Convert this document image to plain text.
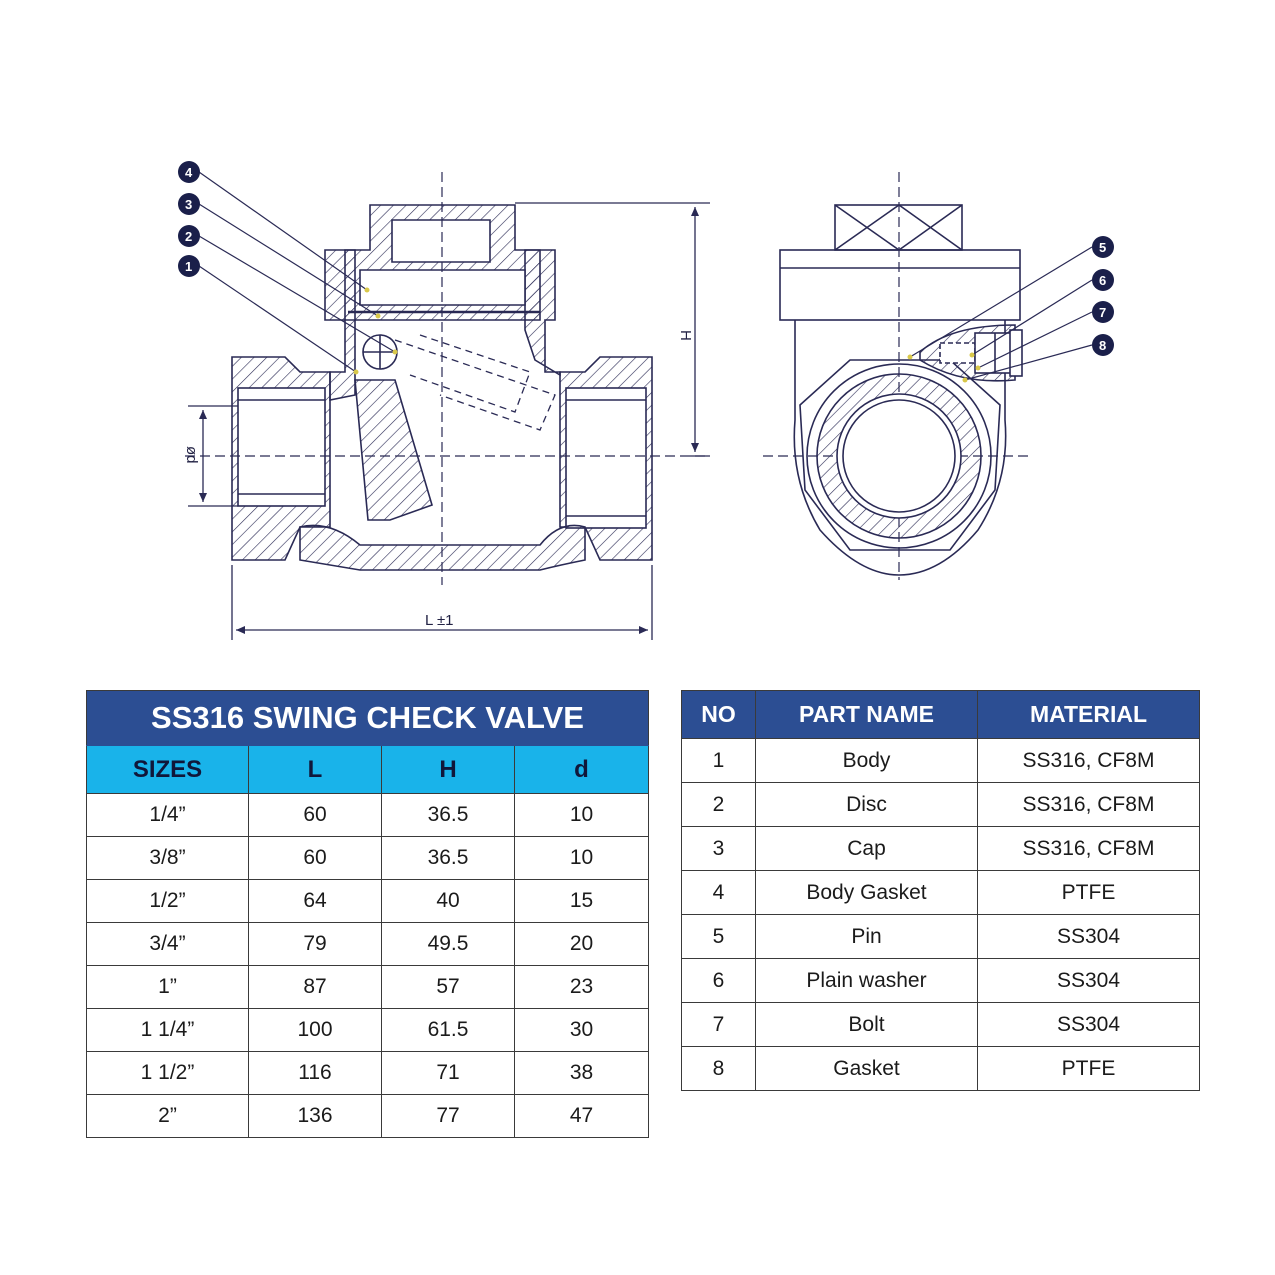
L ±1
H
ød
4
3
2
1
5
6
7
8
SS316 SWING CHECK VALVE			
SIZES	L	H	d
1/4”	60	36.5	10
3/8”	60	36.5	10
1/2”	64	40	15
3/4”	79	49.5	20
1”	87	57	23
1 1/4”	100	61.5	30
1 1/2”	116	71	38
2”	136	77	47
NO	PART NAME	MATERIAL
1	Body	SS316, CF8M
2	Disc	SS316, CF8M
3	Cap	SS316, CF8M
4	Body Gasket	PTFE
5	Pin	SS304
6	Plain washer	SS304
7	Bolt	SS304
8	Gasket	PTFE
